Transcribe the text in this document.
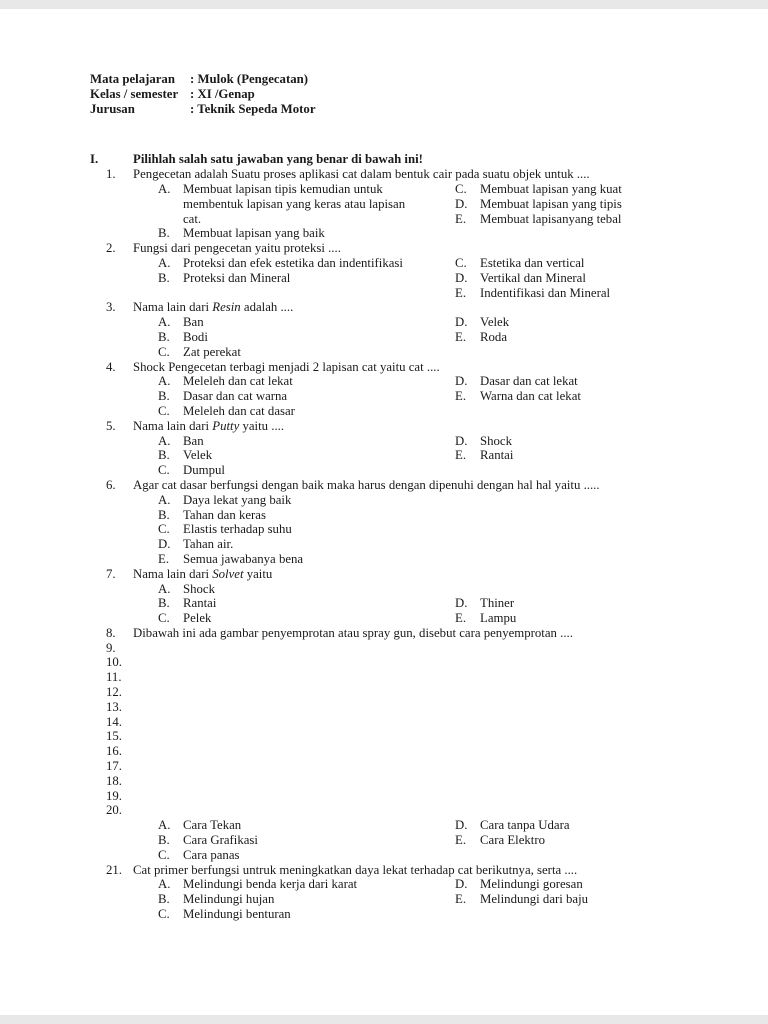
Mata pelajaran	: Mulok (Pengecatan)
Kelas / semester : XI /Genap
Jurusan	: Teknik Sepeda Motor
I.	Pilihlah salah satu jawaban yang benar di bawah ini!
1.	Pengecetan adalah Suatu proses aplikasi cat dalam bentuk cair pada suatu objek untuk ....
A. Membuat lapisan tipis kemudian untuk membentuk lapisan yang keras atau lapisan cat.
B.	Membuat lapisan yang baik
C.	Membuat lapisan yang kuat
D. Membuat lapisan yang tipis
E.	Membuat lapisanyang tebal
2.	Fungsi dari pengecetan yaitu proteksi ....
A. Proteksi dan efek estetika dan indentifikasi
B.	Proteksi dan Mineral
C.	Estetika dan vertical
D. Vertikal dan Mineral
E.	Indentifikasi dan Mineral
3.	Nama lain dari Resin adalah ....
A. Ban
B.	Bodi
C.	Zat perekat
D. Velek
E.	Roda
4.	Shock Pengecetan terbagi menjadi 2 lapisan cat yaitu cat ....
A. Meleleh dan cat lekat
B.	Dasar dan cat warna
C.	Meleleh dan cat dasar
D. Dasar dan cat lekat
E.	Warna dan cat lekat
5.	Nama lain dari Putty yaitu ....
A. Ban
B.	Velek
C.	Dumpul
D. Shock
E.	Rantai
6.	Agar cat dasar berfungsi dengan baik maka harus dengan dipenuhi dengan hal hal yaitu .....
A. Daya lekat yang baik
B.	Tahan dan keras
C.	Elastis terhadap suhu
D. Tahan air.
E.	Semua jawabanya bena
7.	Nama lain dari Solvet yaitu
A. Shock
B.	Rantai
C.	Pelek
D. Thiner
E.	Lampu
8.	Dibawah ini ada gambar penyemprotan atau spray gun, disebut cara penyemprotan ....
9.
10.
11.
12.
13.
14.
15.
16.
17.
18.
19.
20.

A. Cara Tekan
B.	Cara Grafikasi
C.	Cara panas
D. Cara tanpa Udara
E.	Cara Elektro
21. Cat primer berfungsi untruk meningkatkan daya lekat terhadap cat berikutnya, serta ....
A. Melindungi benda kerja dari karat
B.	Melindungi hujan
C.	Melindungi benturan
D. Melindungi goresan
E.	Melindungi dari baju
